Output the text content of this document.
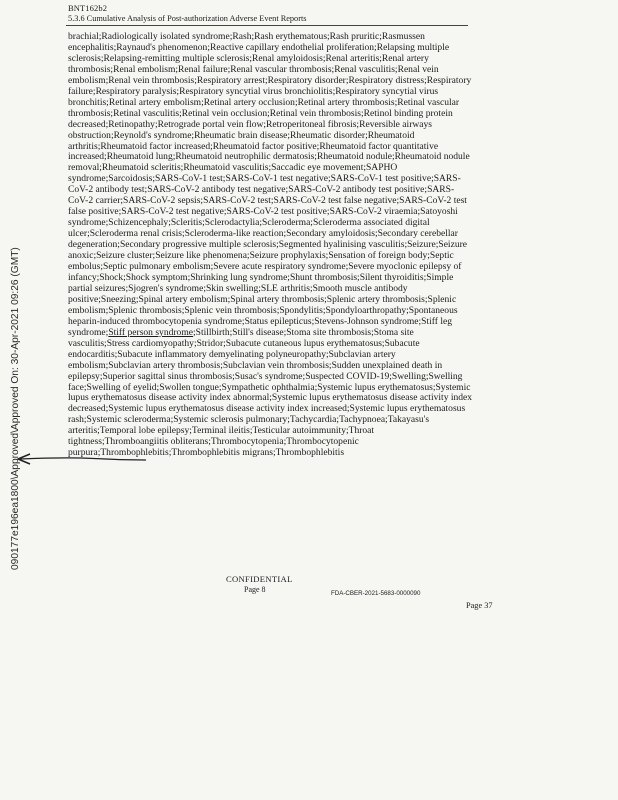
BNT162b2
5.3.6 Cumulative Analysis of Post-authorization Adverse Event Reports
brachial;Radiologically isolated syndrome;Rash;Rash erythematous;Rash pruritic;Rasmussen encephalitis;Raynaud's phenomenon;Reactive capillary endothelial proliferation;Relapsing multiple sclerosis;Relapsing-remitting multiple sclerosis;Renal amyloidosis;Renal arteritis;Renal artery thrombosis;Renal embolism;Renal failure;Renal vascular thrombosis;Renal vasculitis;Renal vein embolism;Renal vein thrombosis;Respiratory arrest;Respiratory disorder;Respiratory distress;Respiratory failure;Respiratory paralysis;Respiratory syncytial virus bronchiolitis;Respiratory syncytial virus bronchitis;Retinal artery embolism;Retinal artery occlusion;Retinal artery thrombosis;Retinal vascular thrombosis;Retinal vasculitis;Retinal vein occlusion;Retinal vein thrombosis;Retinol binding protein decreased;Retinopathy;Retrograde portal vein flow;Retroperitoneal fibrosis;Reversible airways obstruction;Reynold's syndrome;Rheumatic brain disease;Rheumatic disorder;Rheumatoid arthritis;Rheumatoid factor increased;Rheumatoid factor positive;Rheumatoid factor quantitative increased;Rheumatoid lung;Rheumatoid neutrophilic dermatosis;Rheumatoid nodule;Rheumatoid nodule removal;Rheumatoid scleritis;Rheumatoid vasculitis;Saccadic eye movement;SAPHO syndrome;Sarcoidosis;SARS-CoV-1 test;SARS-CoV-1 test negative;SARS-CoV-1 test positive;SARS-CoV-2 antibody test;SARS-CoV-2 antibody test negative;SARS-CoV-2 antibody test positive;SARS-CoV-2 carrier;SARS-CoV-2 sepsis;SARS-CoV-2 test;SARS-CoV-2 test false negative;SARS-CoV-2 test false positive;SARS-CoV-2 test negative;SARS-CoV-2 test positive;SARS-CoV-2 viraemia;Satoyoshi syndrome;Schizencephaly;Scleritis;Sclerodactylia;Scleroderma;Scleroderma associated digital ulcer;Scleroderma renal crisis;Scleroderma-like reaction;Secondary amyloidosis;Secondary cerebellar degeneration;Secondary progressive multiple sclerosis;Segmented hyalinising vasculitis;Seizure;Seizure anoxic;Seizure cluster;Seizure like phenomena;Seizure prophylaxis;Sensation of foreign body;Septic embolus;Septic pulmonary embolism;Severe acute respiratory syndrome;Severe myoclonic epilepsy of infancy;Shock;Shock symptom;Shrinking lung syndrome;Shunt thrombosis;Silent thyroiditis;Simple partial seizures;Sjogren's syndrome;Skin swelling;SLE arthritis;Smooth muscle antibody positive;Sneezing;Spinal artery embolism;Spinal artery thrombosis;Splenic artery thrombosis;Splenic embolism;Splenic thrombosis;Splenic vein thrombosis;Spondylitis;Spondyloarthropathy;Spontaneous heparin-induced thrombocytopenia syndrome;Status epilepticus;Stevens-Johnson syndrome;Stiff leg syndrome;Stiff person syndrome;Stillbirth;Still's disease;Stoma site thrombosis;Stoma site vasculitis;Stress cardiomyopathy;Stridor;Subacute cutaneous lupus erythematosus;Subacute endocarditis;Subacute inflammatory demyelinating polyneuropathy;Subclavian artery embolism;Subclavian artery thrombosis;Subclavian vein thrombosis;Sudden unexplained death in epilepsy;Superior sagittal sinus thrombosis;Susac's syndrome;Suspected COVID-19;Swelling;Swelling face;Swelling of eyelid;Swollen tongue;Sympathetic ophthalmia;Systemic lupus erythematosus;Systemic lupus erythematosus disease activity index abnormal;Systemic lupus erythematosus disease activity index decreased;Systemic lupus erythematosus disease activity index increased;Systemic lupus erythematosus rash;Systemic scleroderma;Systemic sclerosis pulmonary;Tachycardia;Tachypnoea;Takayasu's arteritis;Temporal lobe epilepsy;Terminal ileitis;Testicular autoimmunity;Throat tightness;Thromboangiitis obliterans;Thrombocytopenia;Thrombocytopenic purpura;Thrombophlebitis;Thrombophlebitis migrans;Thrombophlebitis
090177e196ea1800\Approved\Approved On: 30-Apr-2021 09:26 (GMT)
CONFIDENTIAL
Page 8	FDA-CBER-2021-5683-0000090
Page 37
